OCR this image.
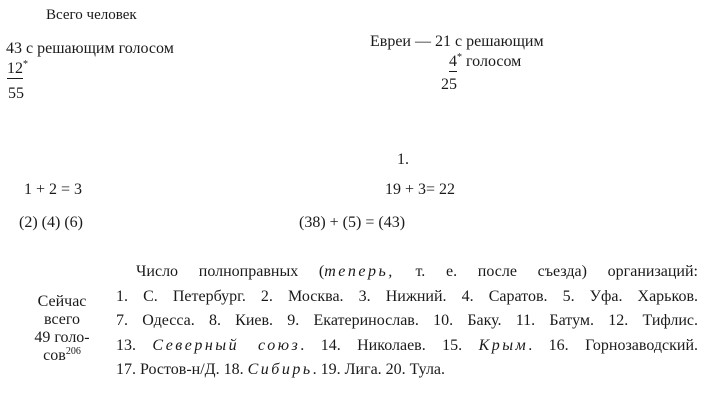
Всего человек
43 с решающим голосом
12*
55
Евреи — 21 с решающим
4* голосом
25
1.
1 + 2 = 3	19 + 3= 22
(2) (4) (6)	(38) + (5) = (43)
Сейчас
всего
49 голо-
сов$^{206}$

Число полноправных (теперь, т. е. после съезда) организаций:

1. С. Петербург. 2. Москва. 3. Нижний. 4. Саратов. 5. Уфа. Харьков.

7. Одесса. 8. Киев. 9. Екатеринослав. 10. Баку. 11. Батум. 12. Тифлис.

13. Северный союз. 14. Николаев. 15. Крым. 16. Горнозаводский.

17. Ростов-н/Д. 18. Сибирь. 19. Лига. 20. Тула.
